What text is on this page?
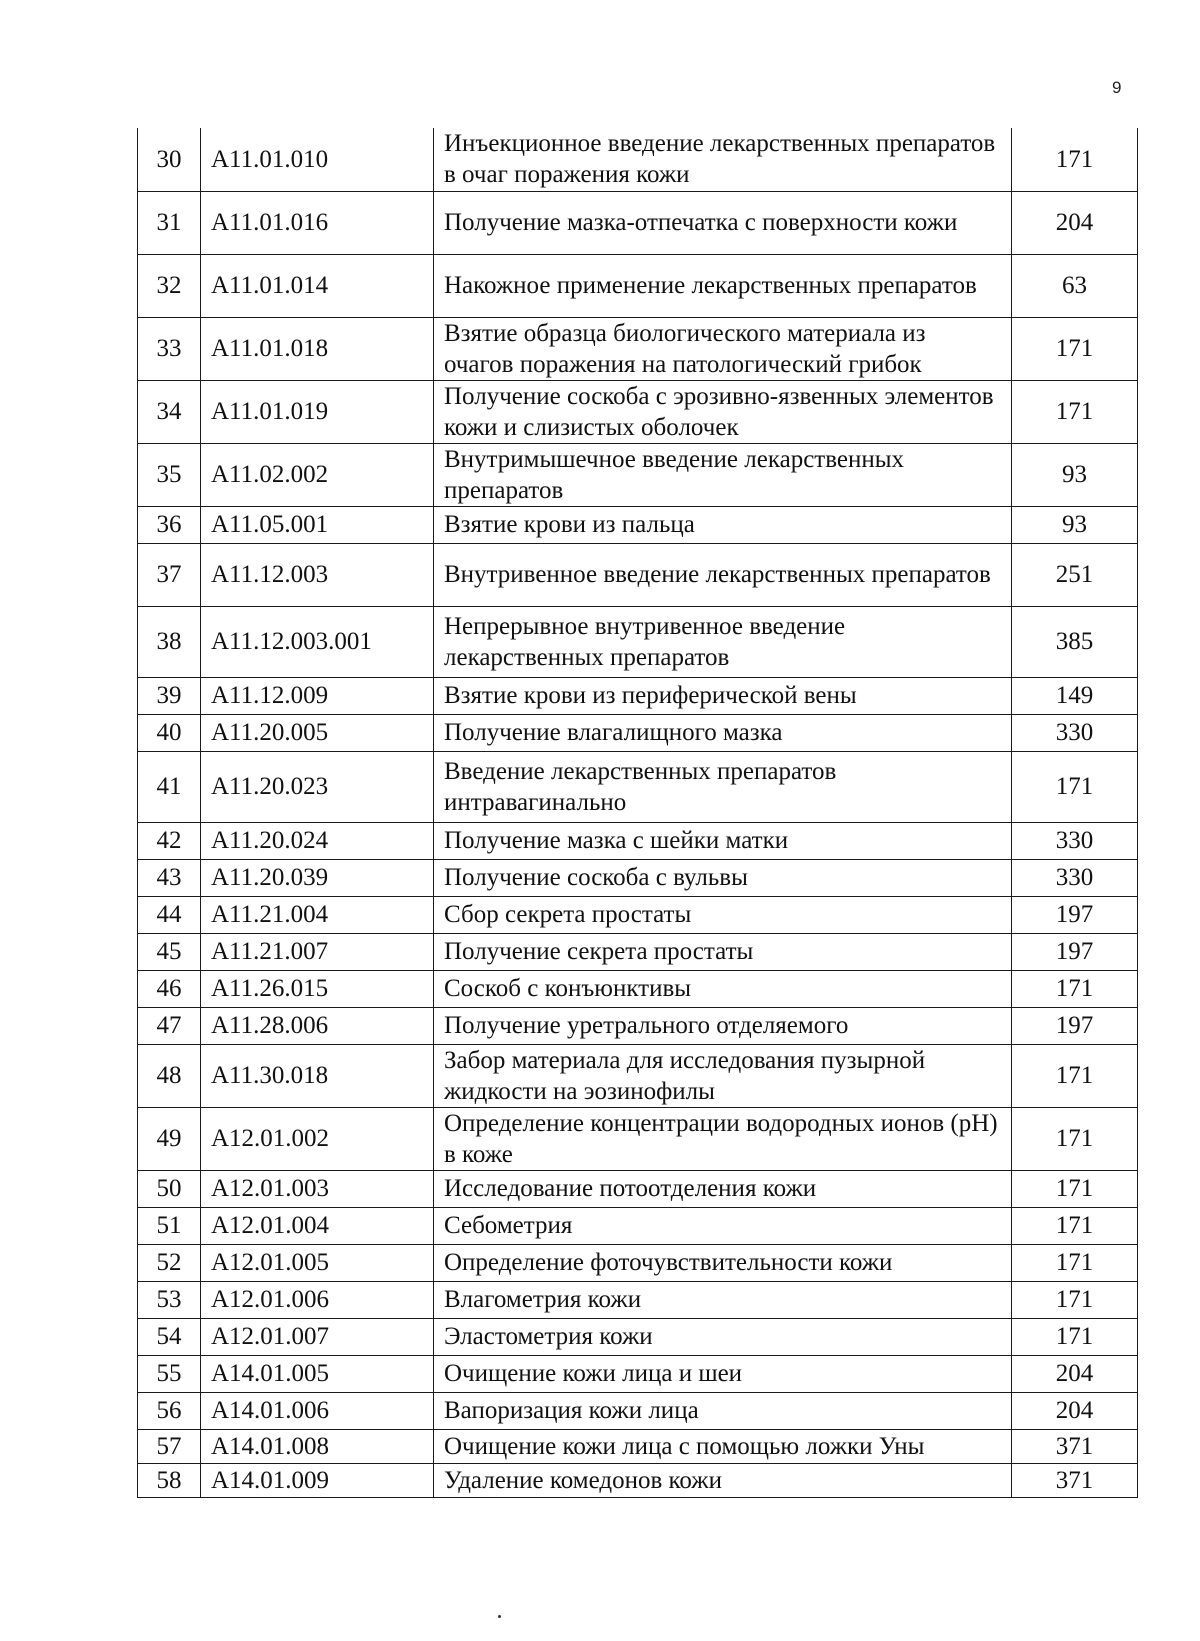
9
30	A11.01.010	Инъекционное введение лекарственных препаратов в очаг поражения кожи	171
31	A11.01.016	Получение мазка-отпечатка с поверхности кожи	204
32	A11.01.014	Накожное применение лекарственных препаратов	63
33	A11.01.018	Взятие образца биологического материала из очагов поражения на патологический грибок	171
34	A11.01.019	Получение соскоба с эрозивно-язвенных элементов кожи и слизистых оболочек	171
35	A11.02.002	Внутримышечное введение лекарственных препаратов	93
36	A11.05.001	Взятие крови из пальца	93
37	A11.12.003	Внутривенное введение лекарственных препаратов	251
38	A11.12.003.001	Непрерывное внутривенное введение лекарственных препаратов	385
39	A11.12.009	Взятие крови из периферической вены	149
40	A11.20.005	Получение влагалищного мазка	330
41	A11.20.023	Введение лекарственных препаратов интравагинально	171
42	A11.20.024	Получение мазка с шейки матки	330
43	A11.20.039	Получение соскоба с вульвы	330
44	A11.21.004	Сбор секрета простаты	197
45	A11.21.007	Получение секрета простаты	197
46	A11.26.015	Соскоб с конъюнктивы	171
47	A11.28.006	Получение уретрального отделяемого	197
48	A11.30.018	Забор материала для исследования пузырной жидкости на эозинофилы	171
49	A12.01.002	Определение концентрации водородных ионов (pH) в коже	171
50	A12.01.003	Исследование потоотделения кожи	171
51	A12.01.004	Себометрия	171
52	A12.01.005	Определение фоточувствительности кожи	171
53	A12.01.006	Влагометрия кожи	171
54	A12.01.007	Эластометрия кожи	171
55	A14.01.005	Очищение кожи лица и шеи	204
56	A14.01.006	Вапоризация кожи лица	204
57	A14.01.008	Очищение кожи лица с помощью ложки Уны	371
58	A14.01.009	Удаление комедонов кожи	371
